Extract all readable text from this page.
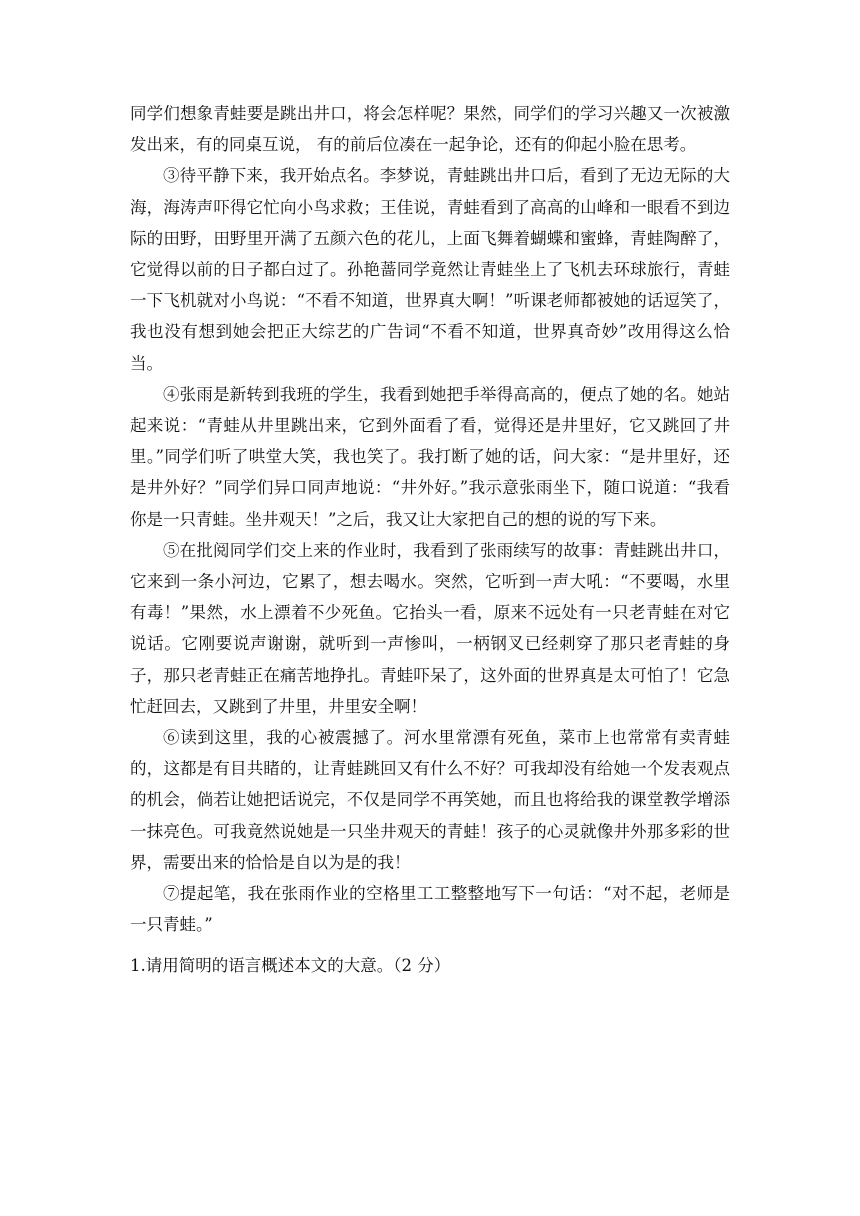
同学们想象青蛙要是跳出井口，将会怎样呢？果然，同学们的学习兴趣又一次被激发出来，有的同桌互说， 有的前后位凑在一起争论，还有的仰起小脸在思考。

③待平静下来，我开始点名。李梦说，青蛙跳出井口后，看到了无边无际的大海，海涛声吓得它忙向小鸟求救；王佳说，青蛙看到了高高的山峰和一眼看不到边际的田野，田野里开满了五颜六色的花儿，上面飞舞着蝴蝶和蜜蜂，青蛙陶醉了，它觉得以前的日子都白过了。孙艳蔷同学竟然让青蛙坐上了飞机去环球旅行，青蛙一下飞机就对小鸟说：“不看不知道，世界真大啊！”听课老师都被她的话逗笑了，我也没有想到她会把正大综艺的广告词“不看不知道，世界真奇妙”改用得这么恰当。

④张雨是新转到我班的学生，我看到她把手举得高高的，便点了她的名。她站起来说：“青蛙从井里跳出来，它到外面看了看，觉得还是井里好，它又跳回了井里。”同学们听了哄堂大笑，我也笑了。我打断了她的话，问大家：“是井里好，还是井外好？”同学们异口同声地说：“井外好。”我示意张雨坐下，随口说道：“我看你是一只青蛙。坐井观天！”之后，我又让大家把自己的想的说的写下来。

⑤在批阅同学们交上来的作业时，我看到了张雨续写的故事：青蛙跳出井口，它来到一条小河边，它累了，想去喝水。突然，它听到一声大吼：“不要喝，水里有毒！”果然，水上漂着不少死鱼。它抬头一看，原来不远处有一只老青蛙在对它说话。它刚要说声谢谢，就听到一声惨叫，一柄钢叉已经刺穿了那只老青蛙的身子，那只老青蛙正在痛苦地挣扎。青蛙吓呆了，这外面的世界真是太可怕了！它急忙赶回去，又跳到了井里，井里安全啊！

⑥读到这里，我的心被震撼了。河水里常漂有死鱼，菜市上也常常有卖青蛙的，这都是有目共睹的，让青蛙跳回又有什么不好？可我却没有给她一个发表观点的机会，倘若让她把话说完，不仅是同学不再笑她，而且也将给我的课堂教学增添一抹亮色。可我竟然说她是一只坐井观天的青蛙！孩子的心灵就像井外那多彩的世界，需要出来的恰恰是自以为是的我！

⑦提起笔，我在张雨作业的空格里工工整整地写下一句话：“对不起，老师是一只青蛙。”

1.请用简明的语言概述本文的大意。（2 分）
